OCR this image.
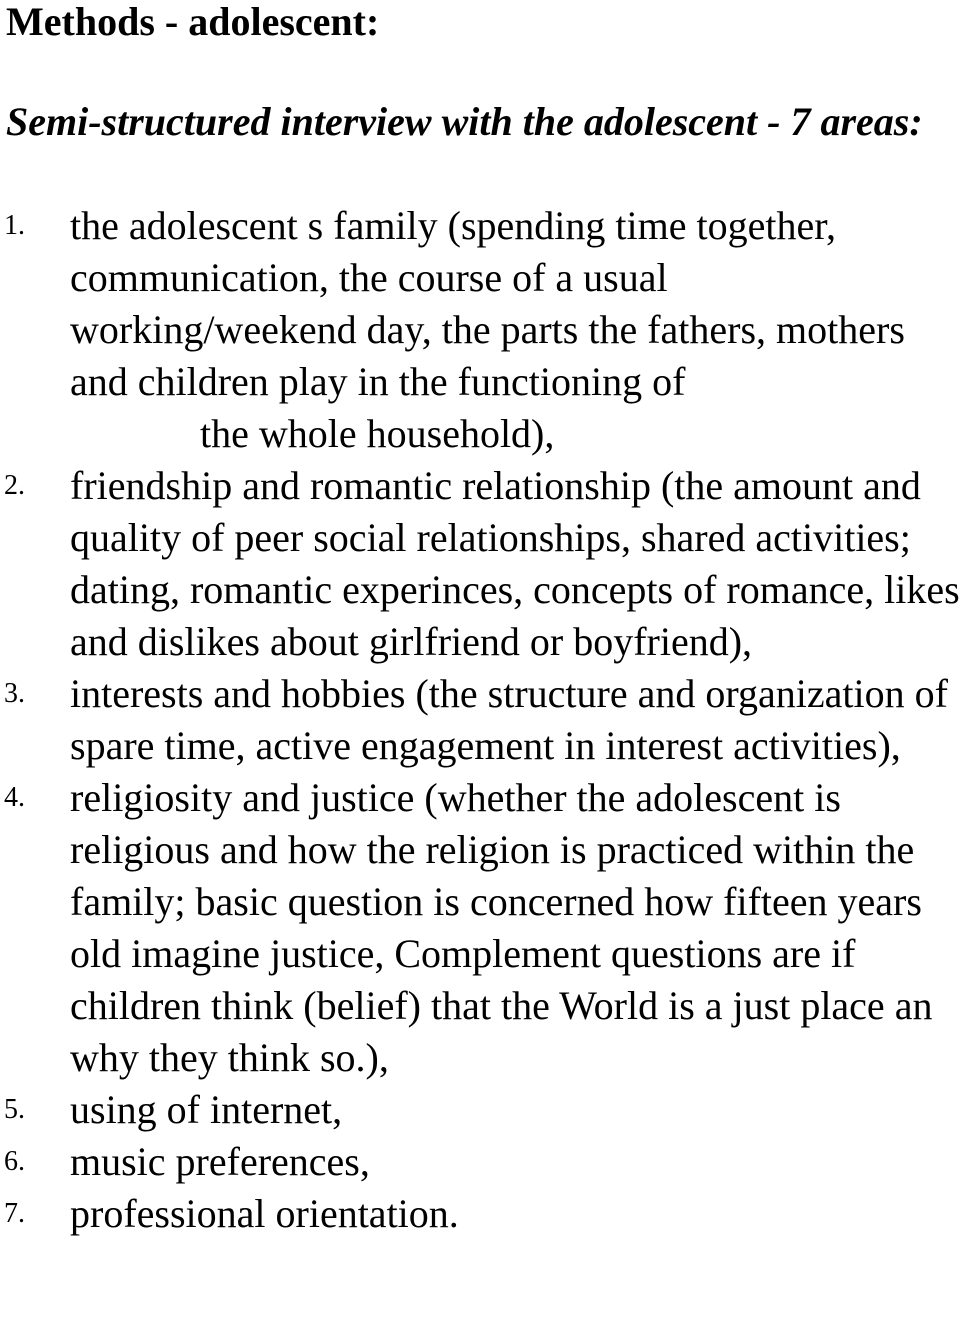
Methods - adolescent:
Semi-structured interview with the adolescent - 7 areas:
1. the adolescent s family (spending time together, communication, the course of a usual working/weekend day, the parts the fathers, mothers and children play in the functioning of
the whole household),
2. friendship and romantic relationship (the amount and quality of peer social relationships, shared activities; dating, romantic experinces, concepts of romance, likes and dislikes about girlfriend or boyfriend),
3. interests and hobbies (the structure and organization of spare time, active engagement in interest activities),
4. religiosity and justice (whether the adolescent is religious and how the religion is practiced within the family; basic question is concerned how fifteen years old imagine justice, Complement questions are if children think (belief) that the World is a just place an why they think so.),
5. using of internet,
6. music preferences,
7. professional orientation.
